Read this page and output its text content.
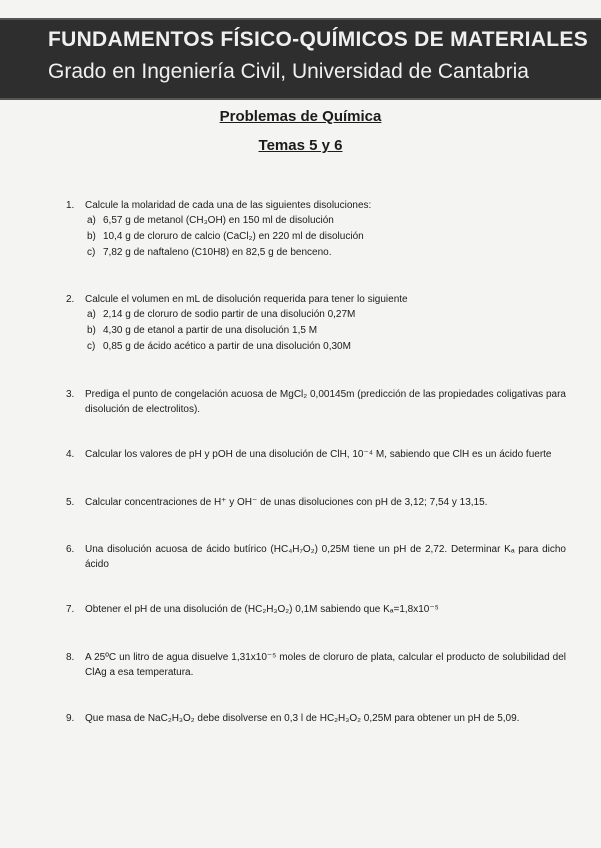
FUNDAMENTOS FÍSICO-QUÍMICOS DE MATERIALES
Grado en Ingeniería Civil, Universidad de Cantabria
Problemas de Química
Temas 5 y 6
1. Calcule la molaridad de cada una de las siguientes disoluciones:
a) 6,57 g de metanol (CH₃OH) en 150 ml de disolución
b) 10,4 g de cloruro de calcio (CaCl₂) en 220 ml de disolución
c) 7,82 g de naftaleno (C10H8) en 82,5 g de benceno.
2. Calcule el volumen en mL de disolución requerida para tener lo siguiente
a) 2,14 g de cloruro de sodio partir de una disolución 0,27M
b) 4,30 g de etanol a partir de una disolución 1,5 M
c) 0,85 g de ácido acético a partir de una disolución 0,30M
3. Prediga el punto de congelación acuosa de MgCl₂ 0,00145m (predicción de las propiedades coligativas para disolución de electrolitos).
4. Calcular los valores de pH y pOH de una disolución de ClH, 10⁻⁴ M, sabiendo que ClH es un ácido fuerte
5. Calcular concentraciones de H⁺ y OH⁻ de unas disoluciones con pH de 3,12; 7,54 y 13,15.
6. Una disolución acuosa de ácido butírico (HC₄H₇O₂) 0,25M tiene un pH de 2,72. Determinar Kₐ para dicho ácido
7. Obtener el pH de una disolución de (HC₂H₃O₂) 0,1M sabiendo que Kₐ=1,8x10⁻⁵
8. A 25ºC un litro de agua disuelve 1,31x10⁻⁵ moles de cloruro de plata, calcular el producto de solubilidad del ClAg a esa temperatura.
9. Que masa de NaC₂H₃O₂ debe disolverse en 0,3 l de HC₂H₃O₂ 0,25M para obtener un pH de 5,09.
